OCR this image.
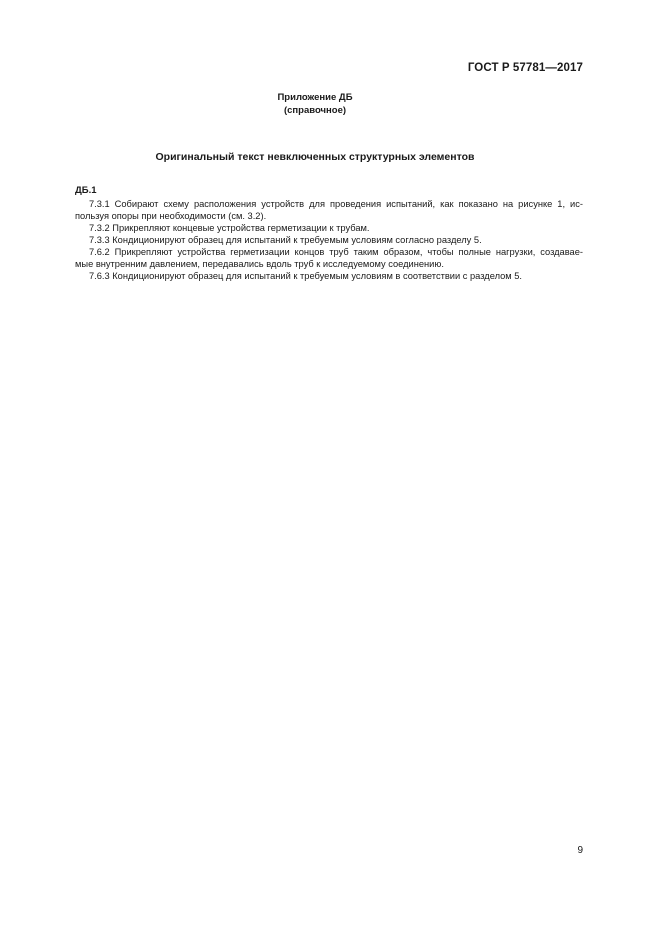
ГОСТ Р 57781—2017
Приложение ДБ
(справочное)
Оригинальный текст невключенных структурных элементов
ДБ.1

7.3.1 Собирают схему расположения устройств для проведения испытаний, как показано на рисунке 1, ис-
пользуя опоры при необходимости (см. 3.2).

7.3.2 Прикрепляют концевые устройства герметизации к трубам.

7.3.3 Кондиционируют образец для испытаний к требуемым условиям согласно разделу 5.

7.6.2 Прикрепляют устройства герметизации концов труб таким образом, чтобы полные нагрузки, создавае-
мые внутренним давлением, передавались вдоль труб к исследуемому соединению.

7.6.3 Кондиционируют образец для испытаний к требуемым условиям в соответствии с разделом 5.

9
